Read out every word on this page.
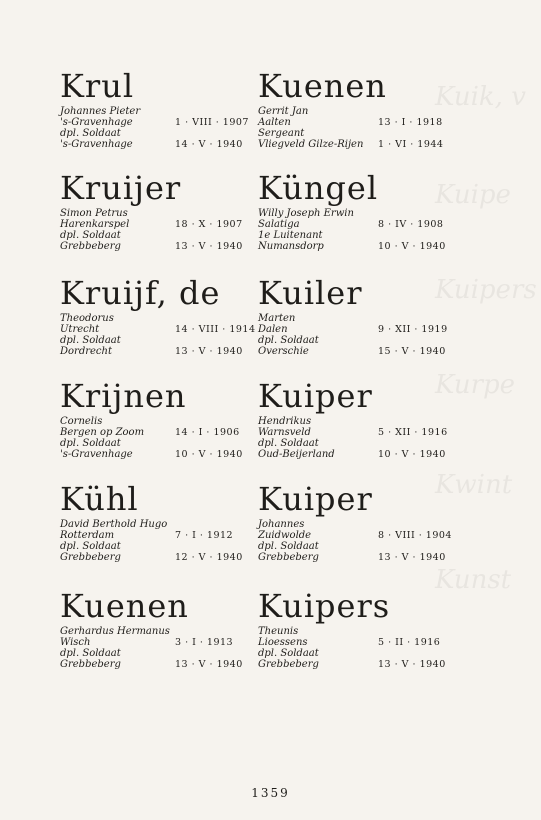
Kuik, v
Kuipe
Kuipers
Kurpe
Kwint
Kunst
Krul
Johannes Pieter
's-Gravenhage	1 · VIII · 1907
dpl. Soldaat
's-Gravenhage	14 · V · 1940
Kruijer
Simon Petrus
Harenkarspel	18 · X · 1907
dpl. Soldaat
Grebbeberg	13 · V · 1940
Kruijf, de
Theodorus
Utrecht	14 · VIII · 1914
dpl. Soldaat
Dordrecht	13 · V · 1940
Krijnen
Cornelis
Bergen op Zoom	14 · I · 1906
dpl. Soldaat
's-Gravenhage	10 · V · 1940
Kühl
David Berthold Hugo
Rotterdam	7 · I · 1912
dpl. Soldaat
Grebbeberg	12 · V · 1940
Kuenen
Gerhardus Hermanus
Wisch	3 · I · 1913
dpl. Soldaat
Grebbeberg	13 · V · 1940
Kuenen
Gerrit Jan
Aalten	13 · I · 1918
Sergeant
Vliegveld Gilze-Rijen 1 · VI · 1944
Küngel
Willy Joseph Erwin
Salatiga	8 · IV · 1908
1e Luitenant
Numansdorp	10 · V · 1940
Kuiler
Marten
Dalen	9 · XII · 1919
dpl. Soldaat
Overschie	15 · V · 1940
Kuiper
Hendrikus
Warnsveld	5 · XII · 1916
dpl. Soldaat
Oud-Beijerland	10 · V · 1940
Kuiper
Johannes
Zuidwolde	8 · VIII · 1904
dpl. Soldaat
Grebbeberg	13 · V · 1940
Kuipers
Theunis
Lioessens	5 · II · 1916
dpl. Soldaat
Grebbeberg	13 · V · 1940
1359
